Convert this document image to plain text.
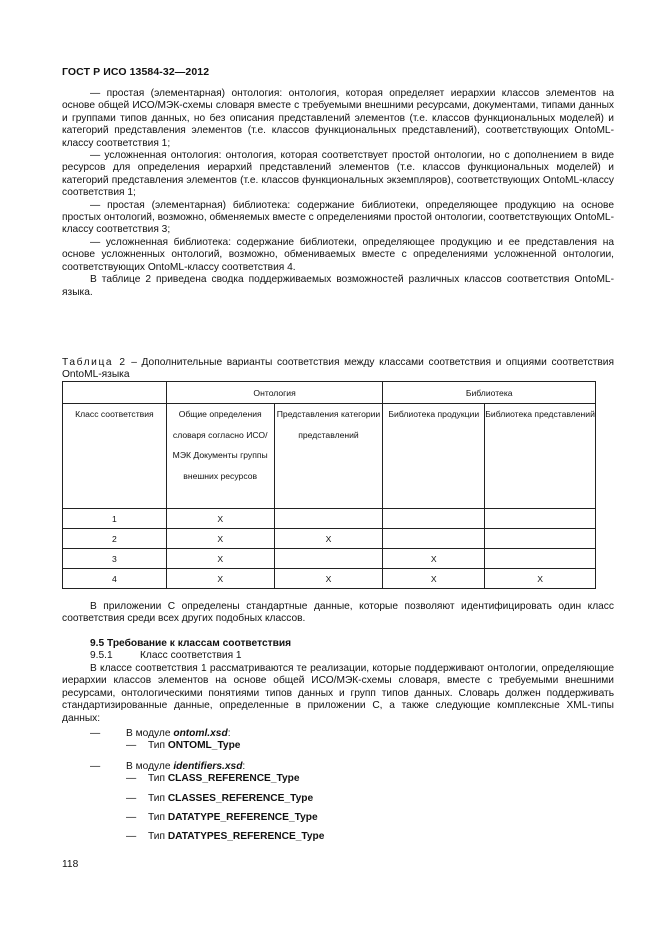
ГОСТ Р ИСО 13584-32—2012

— простая (элементарная) онтология: онтология, которая определяет иерархии классов элементов на основе общей ИСО/МЭК-схемы словаря вместе с требуемыми внешними ресурсами, документами, типами данных и группами типов данных, но без описания представлений элементов (т.е. классов функциональных моделей) и категорий представления элементов (т.е. классов функциональных представлений), соответствующих OntoML-классу соответствия 1;

— усложненная онтология: онтология, которая соответствует простой онтологии, но с дополнением в виде ресурсов для определения иерархий представлений элементов (т.е. классов функциональных моделей) и категорий представления элементов (т.е. классов функциональных экземпляров), соответствующих OntoML-классу соответствия 1;

— простая (элементарная) библиотека: содержание библиотеки, определяющее продукцию на основе простых онтологий, возможно, обменяемых вместе с определениями простой онтологии, соответствующих OntoML-классу соответствия 3;

— усложненная библиотека: содержание библиотеки, определяющее продукцию и ее представления на основе усложненных онтологий, возможно, обмениваемых вместе с определениями усложненной онтологии, соответствующих OntoML-классу соответствия 4.

В таблице 2 приведена сводка поддерживаемых возможностей различных классов соответствия OntoML-языка.

Таблица 2 – Дополнительные варианты соответствия между классами соответствия и опциями соответствия OntoML-языка
	Онтология		Библиотека	
Класс соответствия	Общие определения словаря согласно ИСО/МЭК Документы группы внешних ресурсов	Представления категории представлений	Библиотека продукции	Библиотека представлений
1	X			
2	X	X		
3	X		X	
4	X	X	X	X

В приложении С определены стандартные данные, которые позволяют идентифицировать один класс соответствия среди всех других подобных классов.

9.5 Требование к классам соответствия
9.5.1	Класс соответствия 1

В классе соответствия 1 рассматриваются те реализации, которые поддерживают онтологии, определяющие иерархии классов элементов на основе общей ИСО/МЭК-схемы словаря, вместе с требуемыми внешними ресурсами, онтологическими понятиями типов данных и групп типов данных. Словарь должен поддерживать стандартизированные данные, определенные в приложении С, а также следующие комплексные XML-типы данных:

—	В модуле ontoml.xsd:
— Тип ONTOML_Type
—	В модуле identifiers.xsd:
— Тип CLASS_REFERENCE_Type
— Тип CLASSES_REFERENCE_Type
— Тип DATATYPE_REFERENCE_Type
— Тип DATATYPES_REFERENCE_Type
118
